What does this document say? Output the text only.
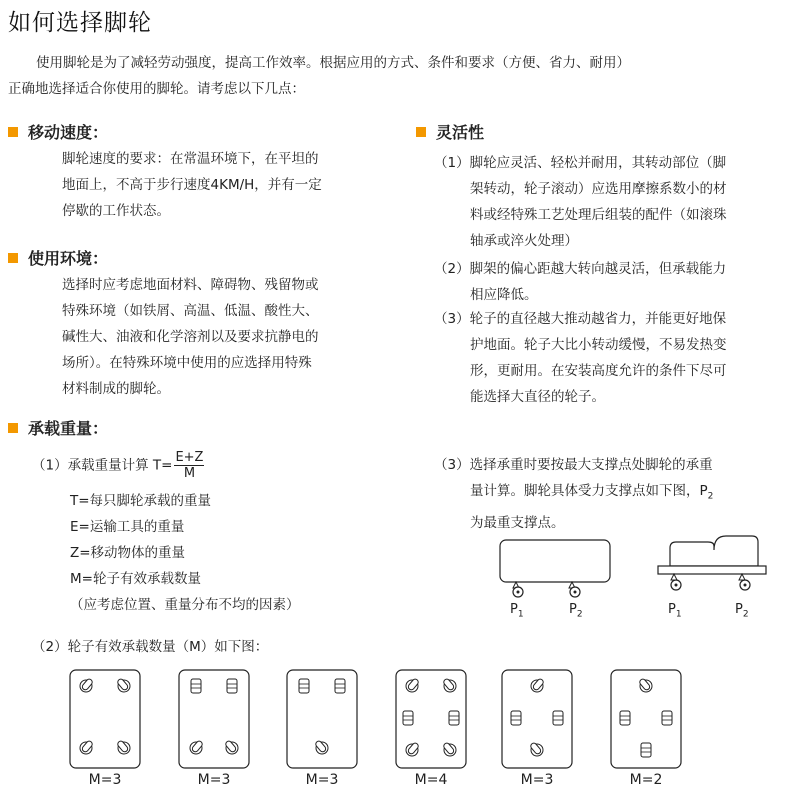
如何选择脚轮
使用脚轮是为了减轻劳动强度，提高工作效率。根据应用的方式、条件和要求（方便、省力、耐用）
正确地选择适合你使用的脚轮。请考虑以下几点：
移动速度：
脚轮速度的要求：在常温环境下，在平坦的
地面上，不高于步行速度4KM/H，并有一定
停歇的工作状态。
使用环境：
选择时应考虑地面材料、障碍物、残留物或
特殊环境（如铁屑、高温、低温、酸性大、
碱性大、油液和化学溶剂以及要求抗静电的
场所）。在特殊环境中使用的应选择用特殊
材料制成的脚轮。
承载重量：
（1）承载重量计算 $T= \frac{E+Z}{M}$
T=每只脚轮承载的重量
E=运输工具的重量
Z=移动物体的重量
M=轮子有效承载数量
（应考虑位置、重量分布不均的因素）
（2）轮子有效承载数量（M）如下图：
灵活性
（1）脚轮应灵活、轻松并耐用，其转动部位（脚
架转动，轮子滚动）应选用摩擦系数小的材
料或经特殊工艺处理后组装的配件（如滚珠
轴承或淬火处理）
（2）脚架的偏心距越大转向越灵活，但承载能力
相应降低。
（3）轮子的直径越大推动越省力，并能更好地保
护地面。轮子大比小转动缓慢，不易发热变
形，更耐用。在安装高度允许的条件下尽可
能选择大直径的轮子。
（3）选择承重时要按最大支撑点处脚轮的承重
量计算。脚轮具体受力支撑点如下图，$P_2$
为最重支撑点。
$P_1$	$P_2$	$P_1$	$P_2$
M=3	M=3	M=3	M=4	M=3	M=2
